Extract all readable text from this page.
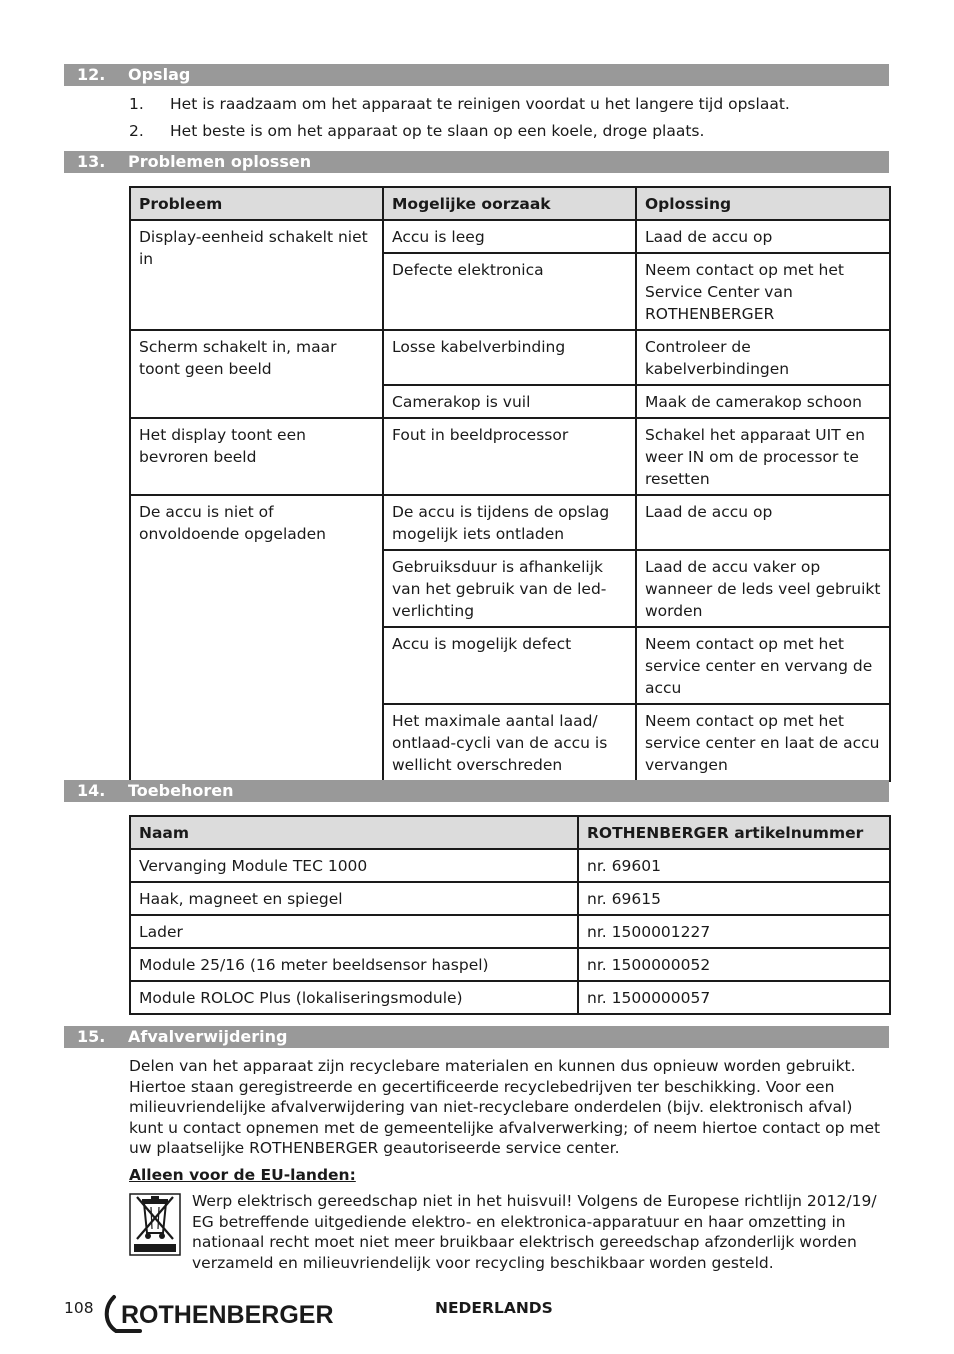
12. Opslag
1. Het is raadzaam om het apparaat te reinigen voordat u het langere tijd opslaat.
2. Het beste is om het apparaat op te slaan op een koele, droge plaats.
13. Problemen oplossen
Probleem	Mogelijke oorzaak	Oplossing
Display-eenheid schakelt niet in	Accu is leeg	Laad de accu op
	Defecte elektronica	Neem contact op met het Service Center van ROTHENBERGER
Scherm schakelt in, maar toont geen beeld	Losse kabelverbinding	Controleer de kabelverbindingen
	Camerakop is vuil	Maak de camerakop schoon
Het display toont een bevroren beeld	Fout in beeldprocessor	Schakel het apparaat UIT en weer IN om de processor te resetten
De accu is niet of onvoldoende opgeladen	De accu is tijdens de opslag mogelijk iets ontladen	Laad de accu op
	Gebruiksduur is afhankelijk van het gebruik van de led-verlichting	Laad de accu vaker op wanneer de leds veel gebruikt worden
	Accu is mogelijk defect	Neem contact op met het service center en vervang de accu
	Het maximale aantal laad/ ontlaad-cycli van de accu is wellicht overschreden	Neem contact op met het service center en laat de accu vervangen
14. Toebehoren
Naam	ROTHENBERGER artikelnummer
Vervanging Module TEC 1000	nr. 69601
Haak, magneet en spiegel	nr. 69615
Lader	nr. 1500001227
Module 25/16 (16 meter beeldsensor haspel)	nr. 1500000052
Module ROLOC Plus (lokaliseringsmodule)	nr. 1500000057
15. Afvalverwijdering
Delen van het apparaat zijn recyclebare materialen en kunnen dus opnieuw worden gebruikt. Hiertoe staan geregistreerde en gecertificeerde recyclebedrijven ter beschikking. Voor een milieuvriendelijke afvalverwijdering van niet-recyclebare onderdelen (bijv. elektronisch afval) kunt u contact opnemen met de gemeentelijke afvalverwerking; of neem hiertoe contact op met uw plaatselijke ROTHENBERGER geautoriseerde service center.
Alleen voor de EU-landen:
Werp elektrisch gereedschap niet in het huisvuil! Volgens de Europese richtlijn 2012/19/ EG betreffende uitgediende elektro- en elektronica-apparatuur en haar omzetting in nationaal recht moet niet meer bruikbaar elektrisch gereedschap afzonderlijk worden verzameld en milieuvriendelijk voor recycling beschikbaar worden gesteld.
108 ROTHENBERGER	NEDERLANDS
